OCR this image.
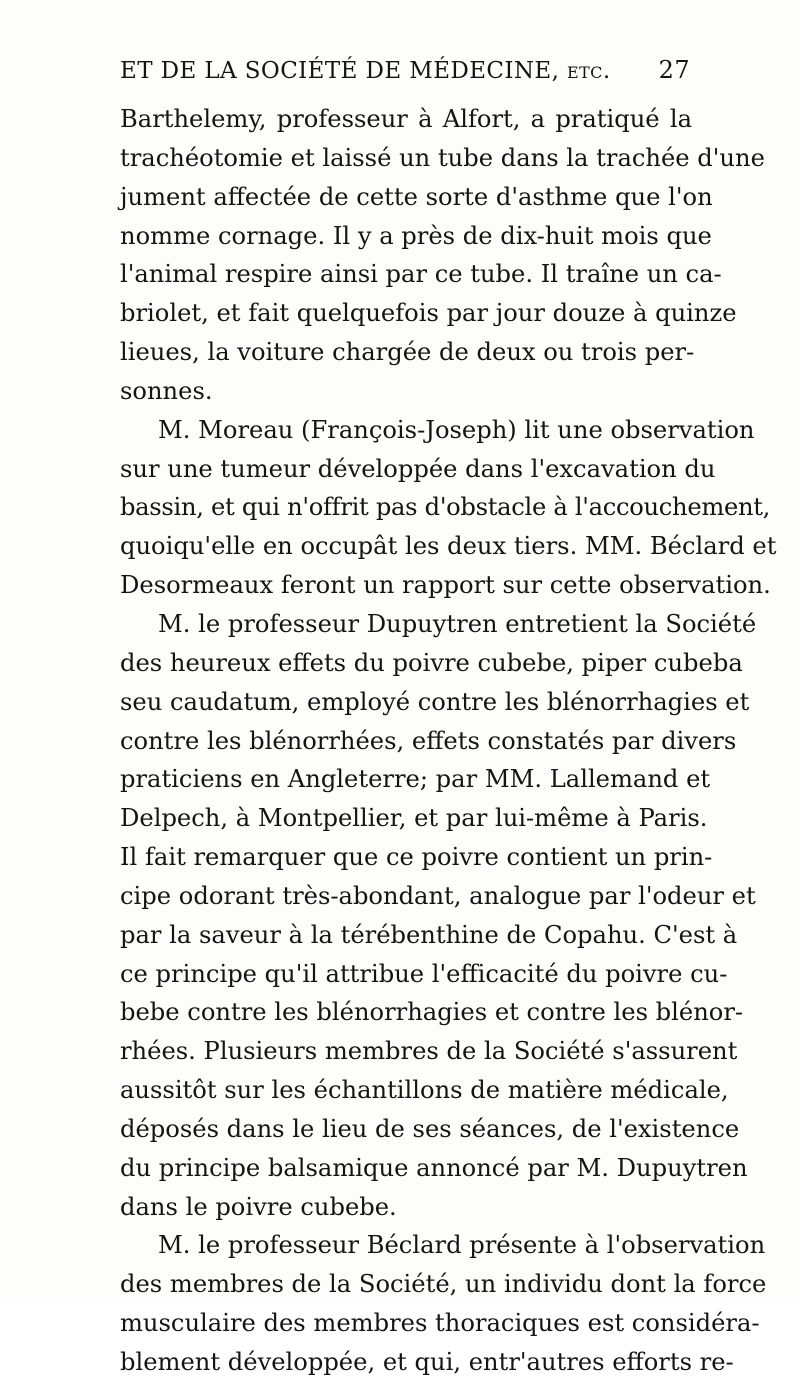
ET DE LA SOCIÉTÉ DE MÉDECINE, etc. 27
Barthelemy, professeur à Alfort, a pratiqué la
trachéotomie et laissé un tube dans la trachée d'une
jument affectée de cette sorte d'asthme que l'on
nomme cornage. Il y a près de dix-huit mois que
l'animal respire ainsi par ce tube. Il traîne un ca-
briolet, et fait quelquefois par jour douze à quinze
lieues, la voiture chargée de deux ou trois per-
sonnes.
M. Moreau (François-Joseph) lit une observation
sur une tumeur développée dans l'excavation du
bassin, et qui n'offrit pas d'obstacle à l'accouchement,
quoiqu'elle en occupât les deux tiers. MM. Béclard et
Desormeaux feront un rapport sur cette observation.
M. le professeur Dupuytren entretient la Société
des heureux effets du poivre cubebe, piper cubeba
seu caudatum, employé contre les blénorrhagies et
contre les blénorrhées, effets constatés par divers
praticiens en Angleterre; par MM. Lallemand et
Delpech, à Montpellier, et par lui-même à Paris.
Il fait remarquer que ce poivre contient un prin-
cipe odorant très-abondant, analogue par l'odeur et
par la saveur à la térébenthine de Copahu. C'est à
ce principe qu'il attribue l'efficacité du poivre cu-
bebe contre les blénorrhagies et contre les blénor-
rhées. Plusieurs membres de la Société s'assurent
aussitôt sur les échantillons de matière médicale,
déposés dans le lieu de ses séances, de l'existence
du principe balsamique annoncé par M. Dupuytren
dans le poivre cubebe.
M. le professeur Béclard présente à l'observation
des membres de la Société, un individu dont la force
musculaire des membres thoraciques est considéra-
blement développée, et qui, entr'autres efforts re-
